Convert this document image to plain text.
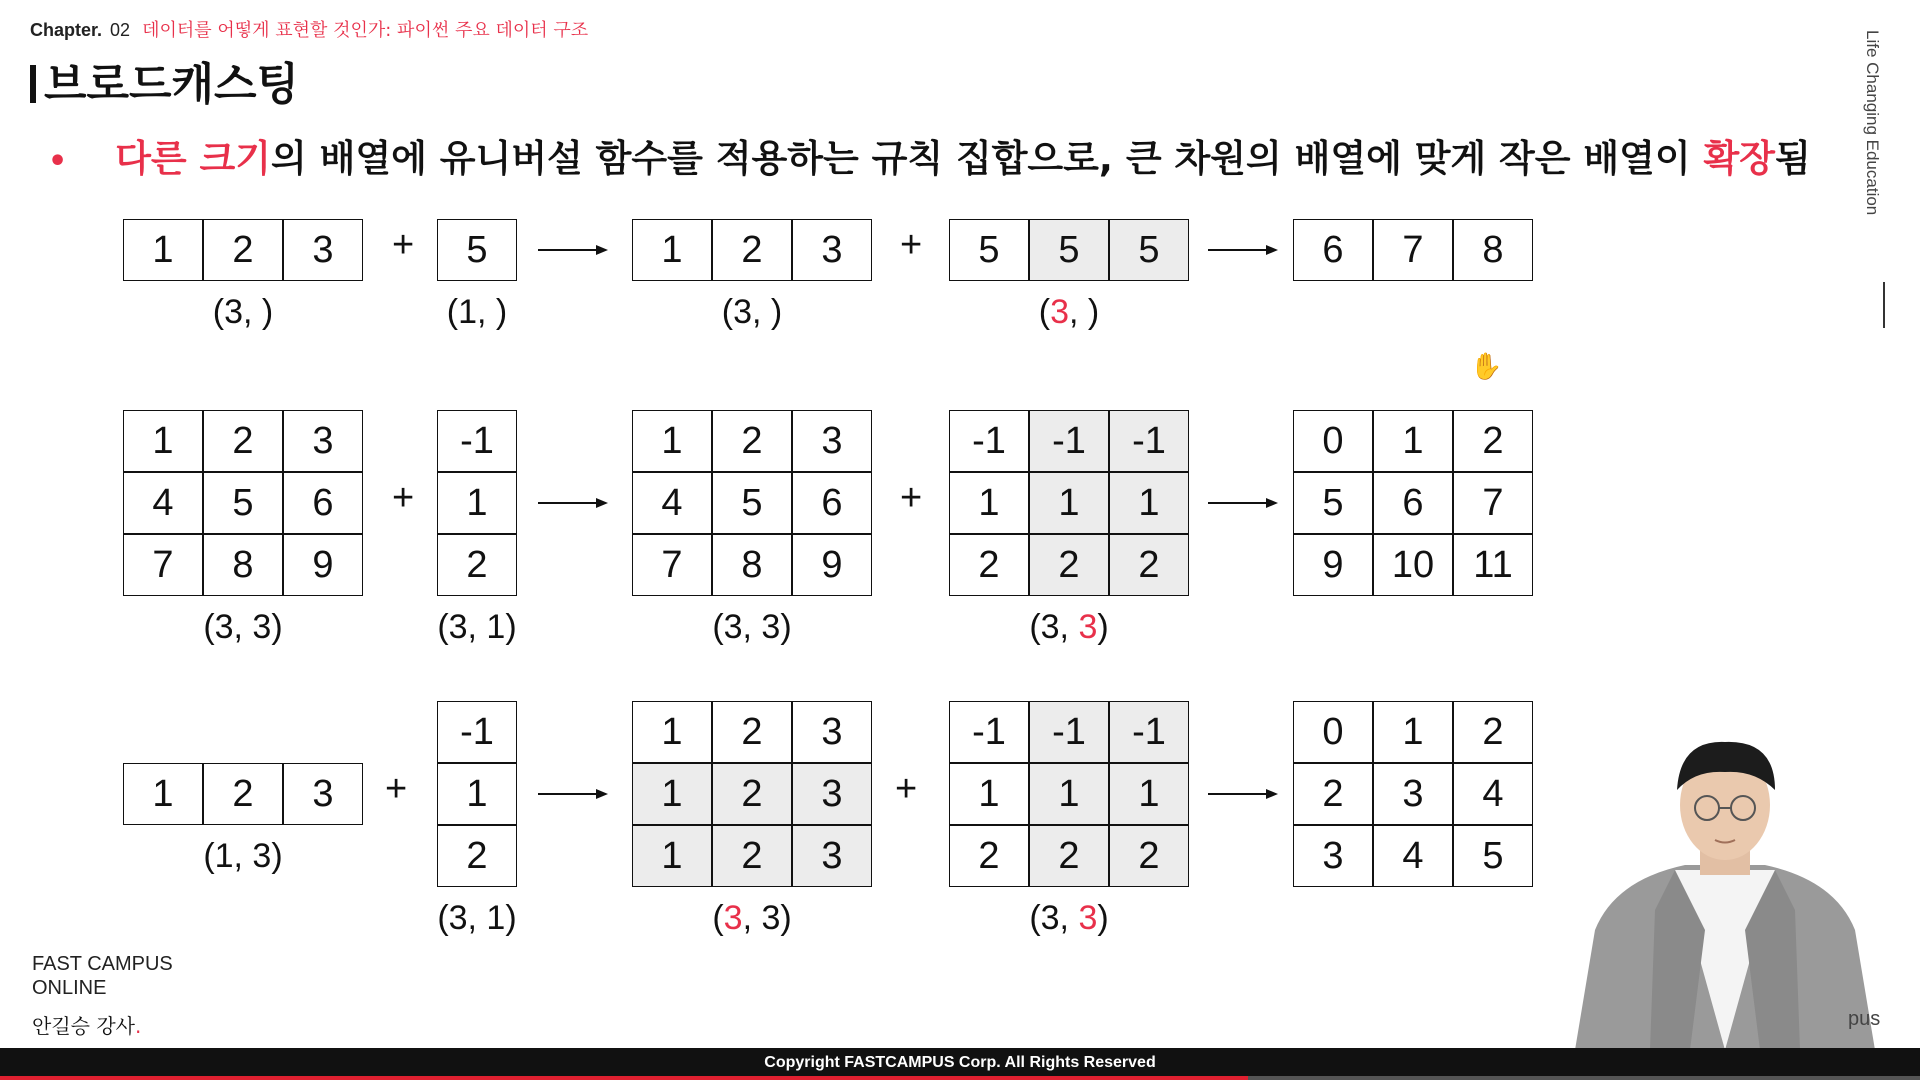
Chapter. 02 데이터를 어떻게 표현할 것인가: 파이썬 주요 데이터 구조
브로드캐스팅
• 다른 크기의 배열에 유니버설 함수를 적용하는 규칙 집합으로, 큰 차원의 배열에 맞게 작은 배열이 확장됨	Life Changing Education
1	2	3
(3, )
5
(1, )
1	2	3
(3, )
5	5	5
(3, )
6	7	8
+	+
1	2	3
4	5	6
7	8	9
(3, 3)
-1
1
2
(3, 1)
1	2	3
4	5	6
7	8	9
(3, 3)
-1	-1	-1
1	1	1
2	2	2
(3, 3)
0	1	2
5	6	7
9	10	11
+	+
1	2	3
(1, 3)
-1
1
2
(3, 1)
1	2	3
1	2	3
1	2	3
(3, 3)
-1	-1	-1
1	1	1
2	2	2
(3, 3)
0	1	2
2	3	4
3	4	5
+	+
✋
pus
FAST CAMPUS
ONLINE
안길승 강사.
Copyright FASTCAMPUS Corp. All Rights Reserved
